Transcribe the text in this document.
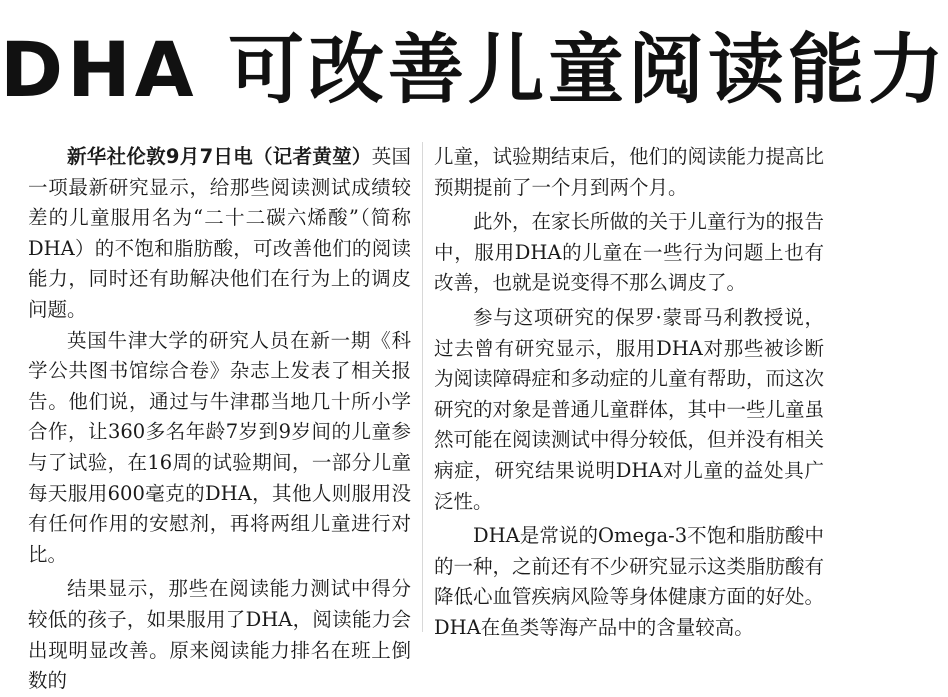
DHA 可改善儿童阅读能力

新华社伦敦9月7日电（记者黄堃）英国一项最新研究显示，给那些阅读测试成绩较差的儿童服用名为“二十二碳六烯酸”（简称DHA）的不饱和脂肪酸，可改善他们的阅读能力，同时还有助解决他们在行为上的调皮问题。

英国牛津大学的研究人员在新一期《科学公共图书馆综合卷》杂志上发表了相关报告。他们说，通过与牛津郡当地几十所小学合作，让360多名年龄7岁到9岁间的儿童参与了试验，在16周的试验期间，一部分儿童每天服用600毫克的DHA，其他人则服用没有任何作用的安慰剂，再将两组儿童进行对比。

结果显示，那些在阅读能力测试中得分较低的孩子，如果服用了DHA，阅读能力会出现明显改善。原来阅读能力排名在班上倒数的

儿童，试验期结束后，他们的阅读能力提高比预期提前了一个月到两个月。

此外，在家长所做的关于儿童行为的报告中，服用DHA的儿童在一些行为问题上也有改善，也就是说变得不那么调皮了。

参与这项研究的保罗·蒙哥马利教授说，过去曾有研究显示，服用DHA对那些被诊断为阅读障碍症和多动症的儿童有帮助，而这次研究的对象是普通儿童群体，其中一些儿童虽然可能在阅读测试中得分较低，但并没有相关病症，研究结果说明DHA对儿童的益处具广泛性。

DHA是常说的Omega-3不饱和脂肪酸中的一种，之前还有不少研究显示这类脂肪酸有降低心血管疾病风险等身体健康方面的好处。DHA在鱼类等海产品中的含量较高。
